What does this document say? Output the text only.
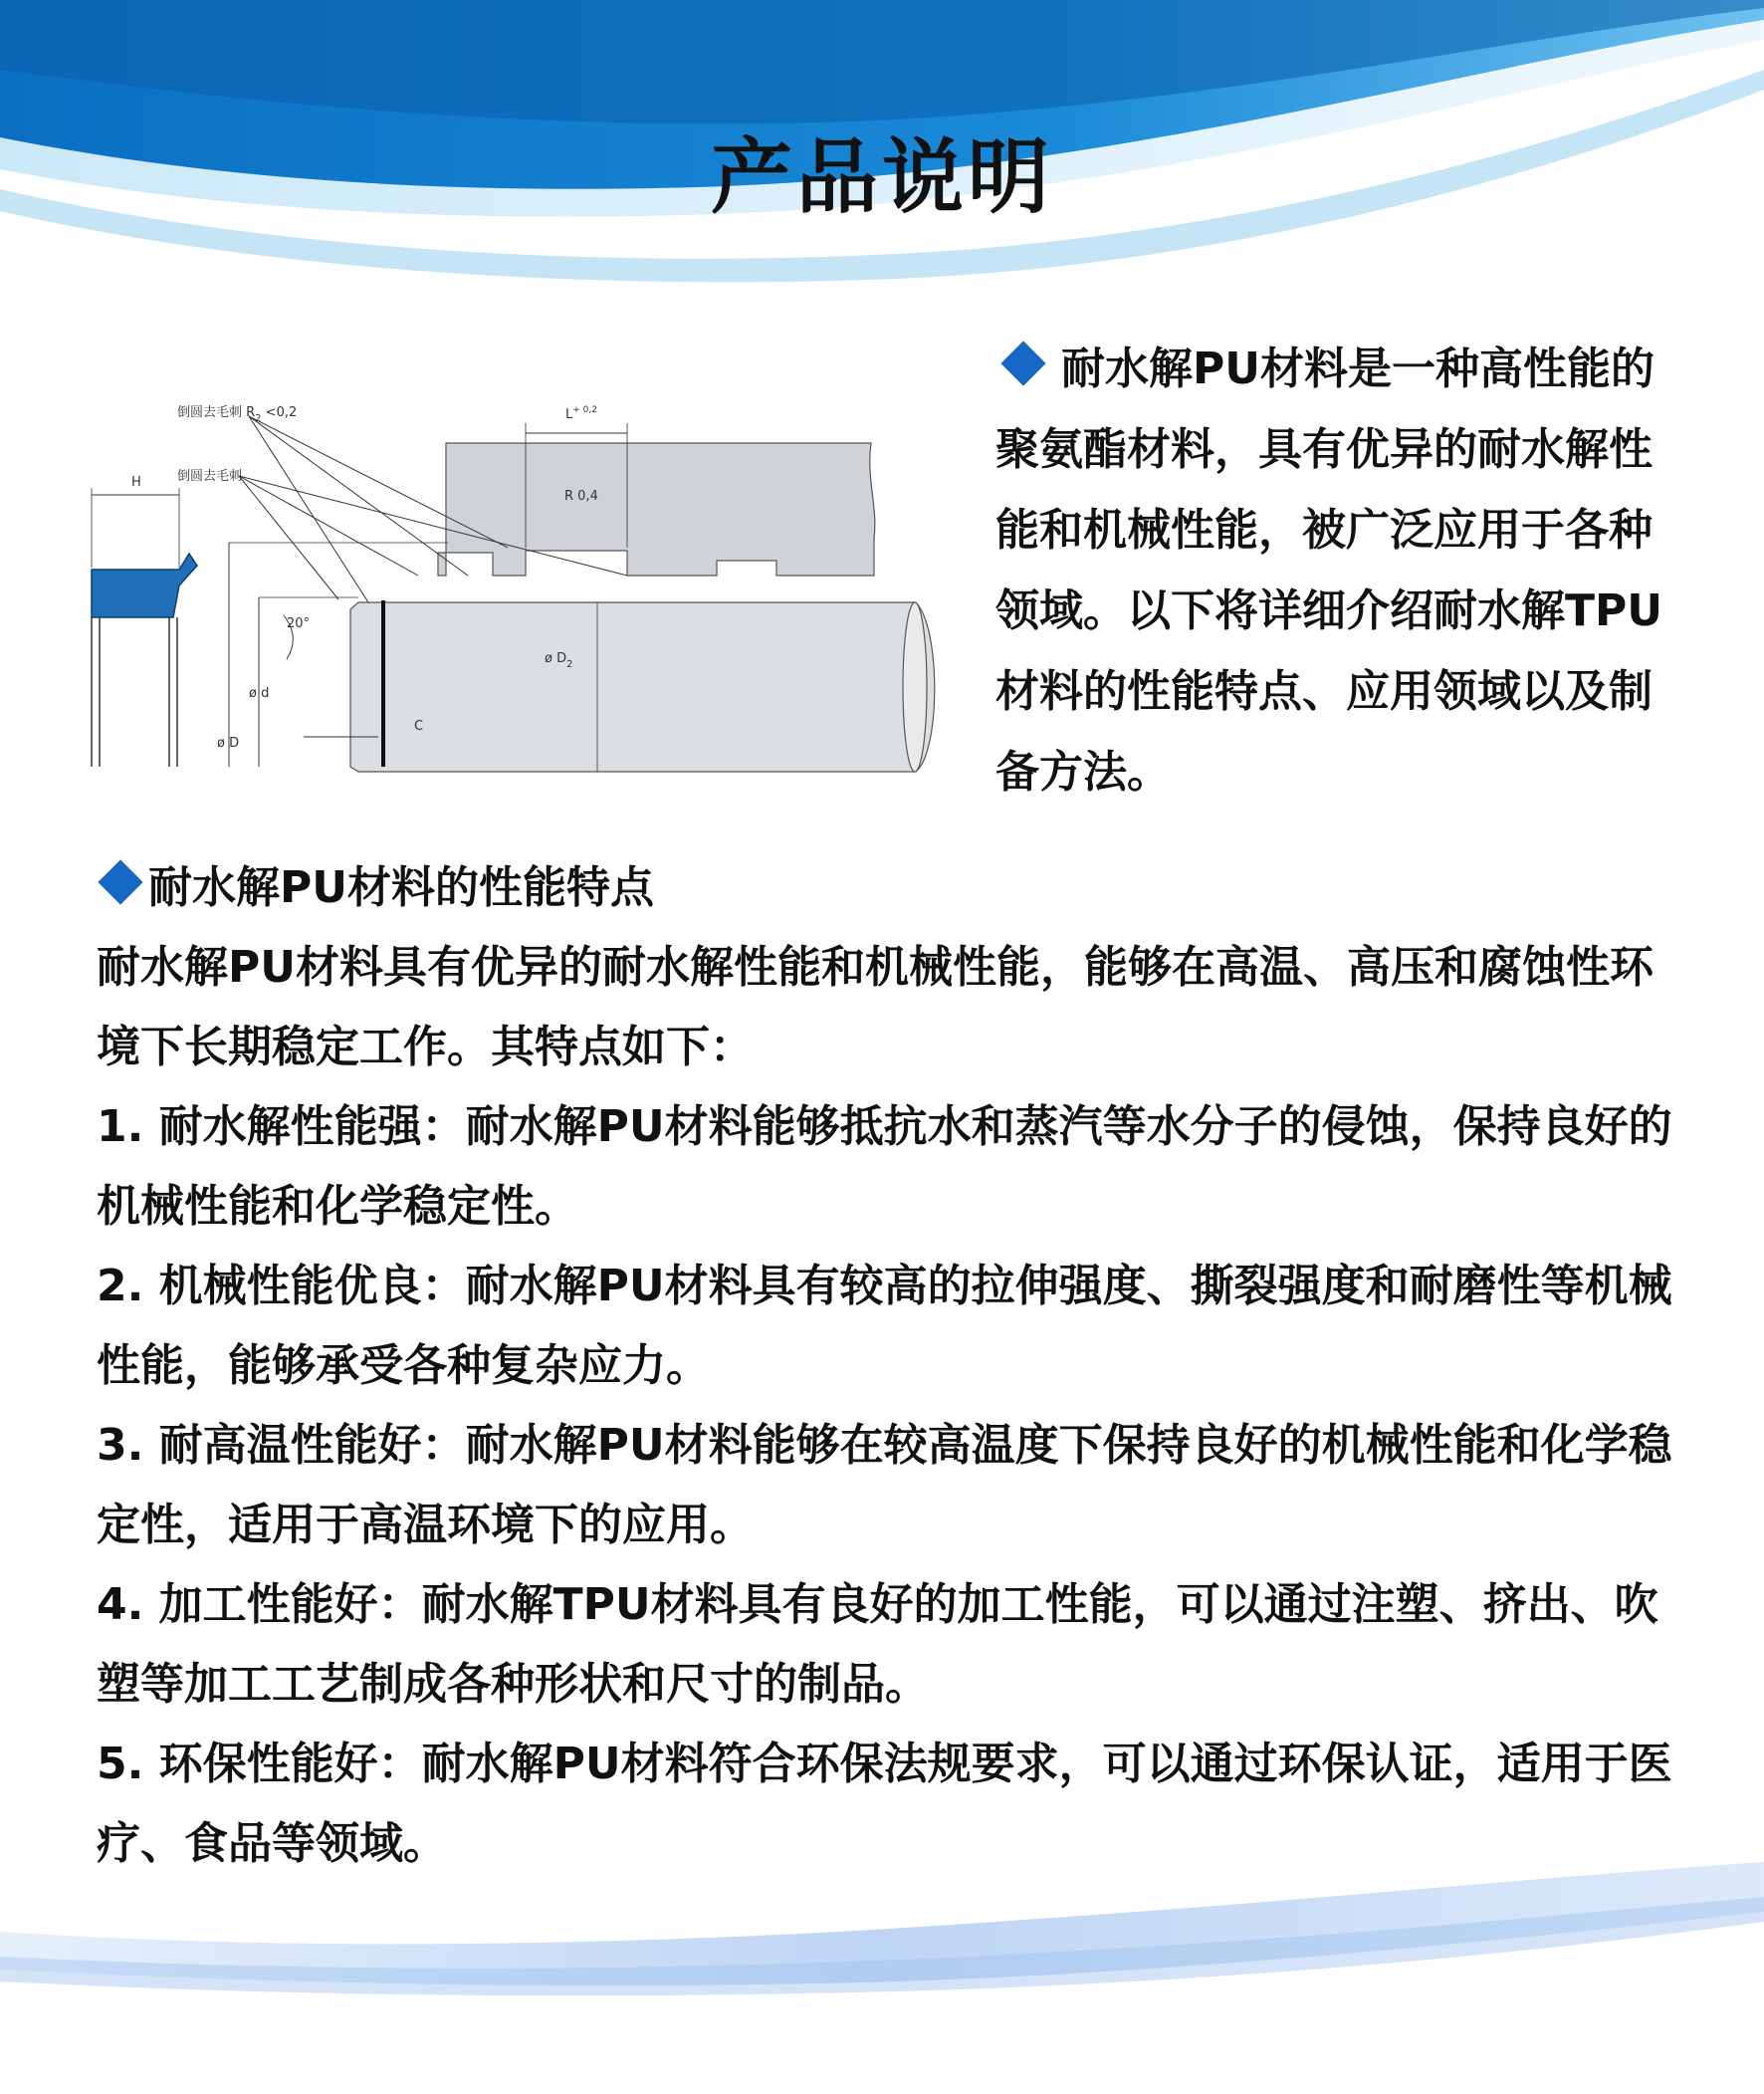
产品说明
倒圆去毛刺 $R_2 <0,2$
倒圆去毛刺
$L^{+ 0,2}$
R 0,4
H
20°
ø d
ø D
ø $D_2$
C
耐水解PU材料是一种高性能的聚氨酯材料，具有优异的耐水解性能和机械性能，被广泛应用于各种领域。以下将详细介绍耐水解TPU材料的性能特点、应用领域以及制备方法。
耐水解PU材料的性能特点

耐水解PU材料具有优异的耐水解性能和机械性能，能够在高温、高压和腐蚀性环境下长期稳定工作。其特点如下：

1. 耐水解性能强：耐水解PU材料能够抵抗水和蒸汽等水分子的侵蚀，保持良好的机械性能和化学稳定性。

2. 机械性能优良：耐水解PU材料具有较高的拉伸强度、撕裂强度和耐磨性等机械性能，能够承受各种复杂应力。

3. 耐高温性能好：耐水解PU材料能够在较高温度下保持良好的机械性能和化学稳定性，适用于高温环境下的应用。

4. 加工性能好：耐水解TPU材料具有良好的加工性能，可以通过注塑、挤出、吹塑等加工工艺制成各种形状和尺寸的制品。

5. 环保性能好：耐水解PU材料符合环保法规要求，可以通过环保认证，适用于医疗、食品等领域。
